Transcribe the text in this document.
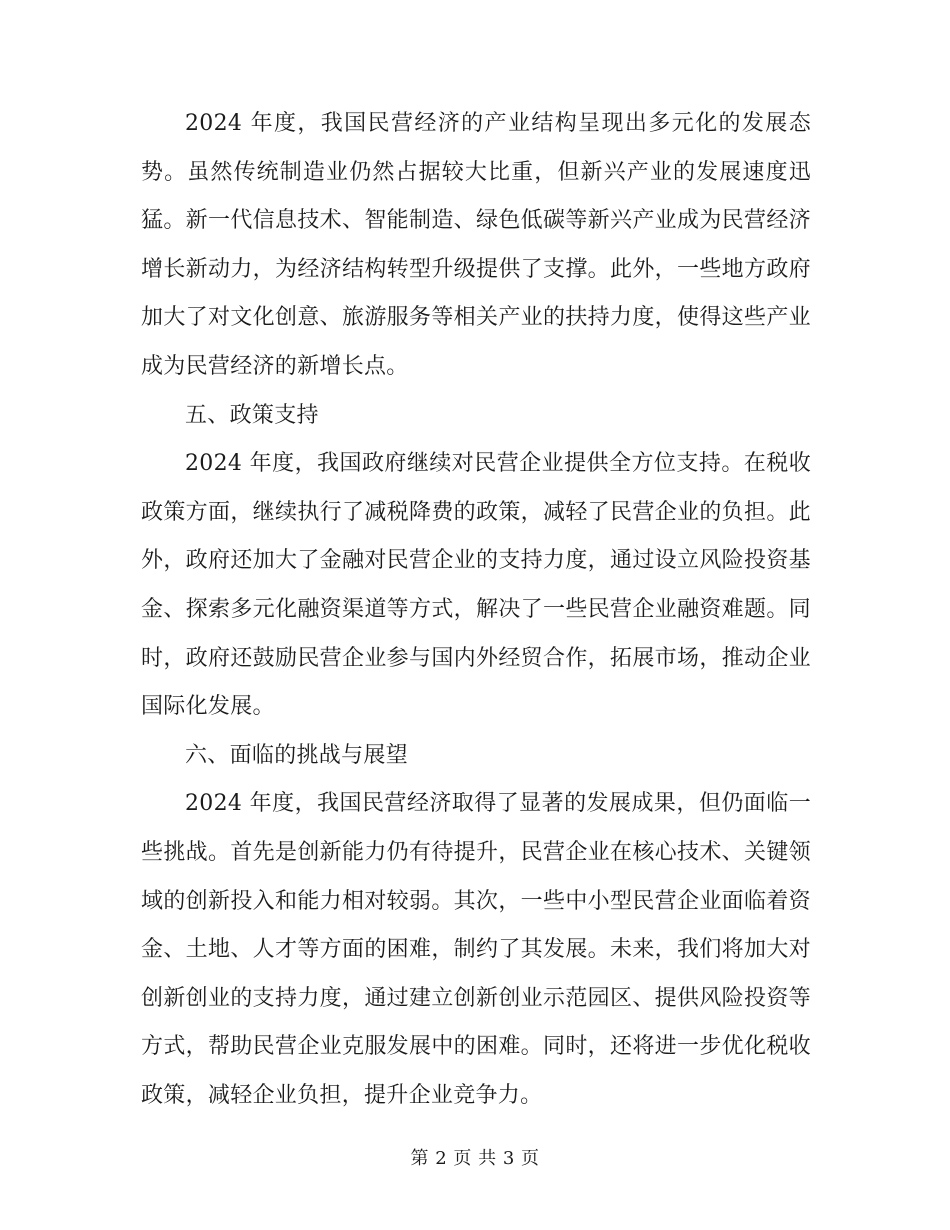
2024 年度，我国民营经济的产业结构呈现出多元化的发展态势。虽然传统制造业仍然占据较大比重，但新兴产业的发展速度迅猛。新一代信息技术、智能制造、绿色低碳等新兴产业成为民营经济增长新动力，为经济结构转型升级提供了支撑。此外，一些地方政府加大了对文化创意、旅游服务等相关产业的扶持力度，使得这些产业成为民营经济的新增长点。

五、政策支持

2024 年度，我国政府继续对民营企业提供全方位支持。在税收政策方面，继续执行了减税降费的政策，减轻了民营企业的负担。此外，政府还加大了金融对民营企业的支持力度，通过设立风险投资基金、探索多元化融资渠道等方式，解决了一些民营企业融资难题。同时，政府还鼓励民营企业参与国内外经贸合作，拓展市场，推动企业国际化发展。

六、面临的挑战与展望

2024 年度，我国民营经济取得了显著的发展成果，但仍面临一些挑战。首先是创新能力仍有待提升，民营企业在核心技术、关键领域的创新投入和能力相对较弱。其次，一些中小型民营企业面临着资金、土地、人才等方面的困难，制约了其发展。未来，我们将加大对创新创业的支持力度，通过建立创新创业示范园区、提供风险投资等方式，帮助民营企业克服发展中的困难。同时，还将进一步优化税收政策，减轻企业负担，提升企业竞争力。

第 2 页 共 3 页
